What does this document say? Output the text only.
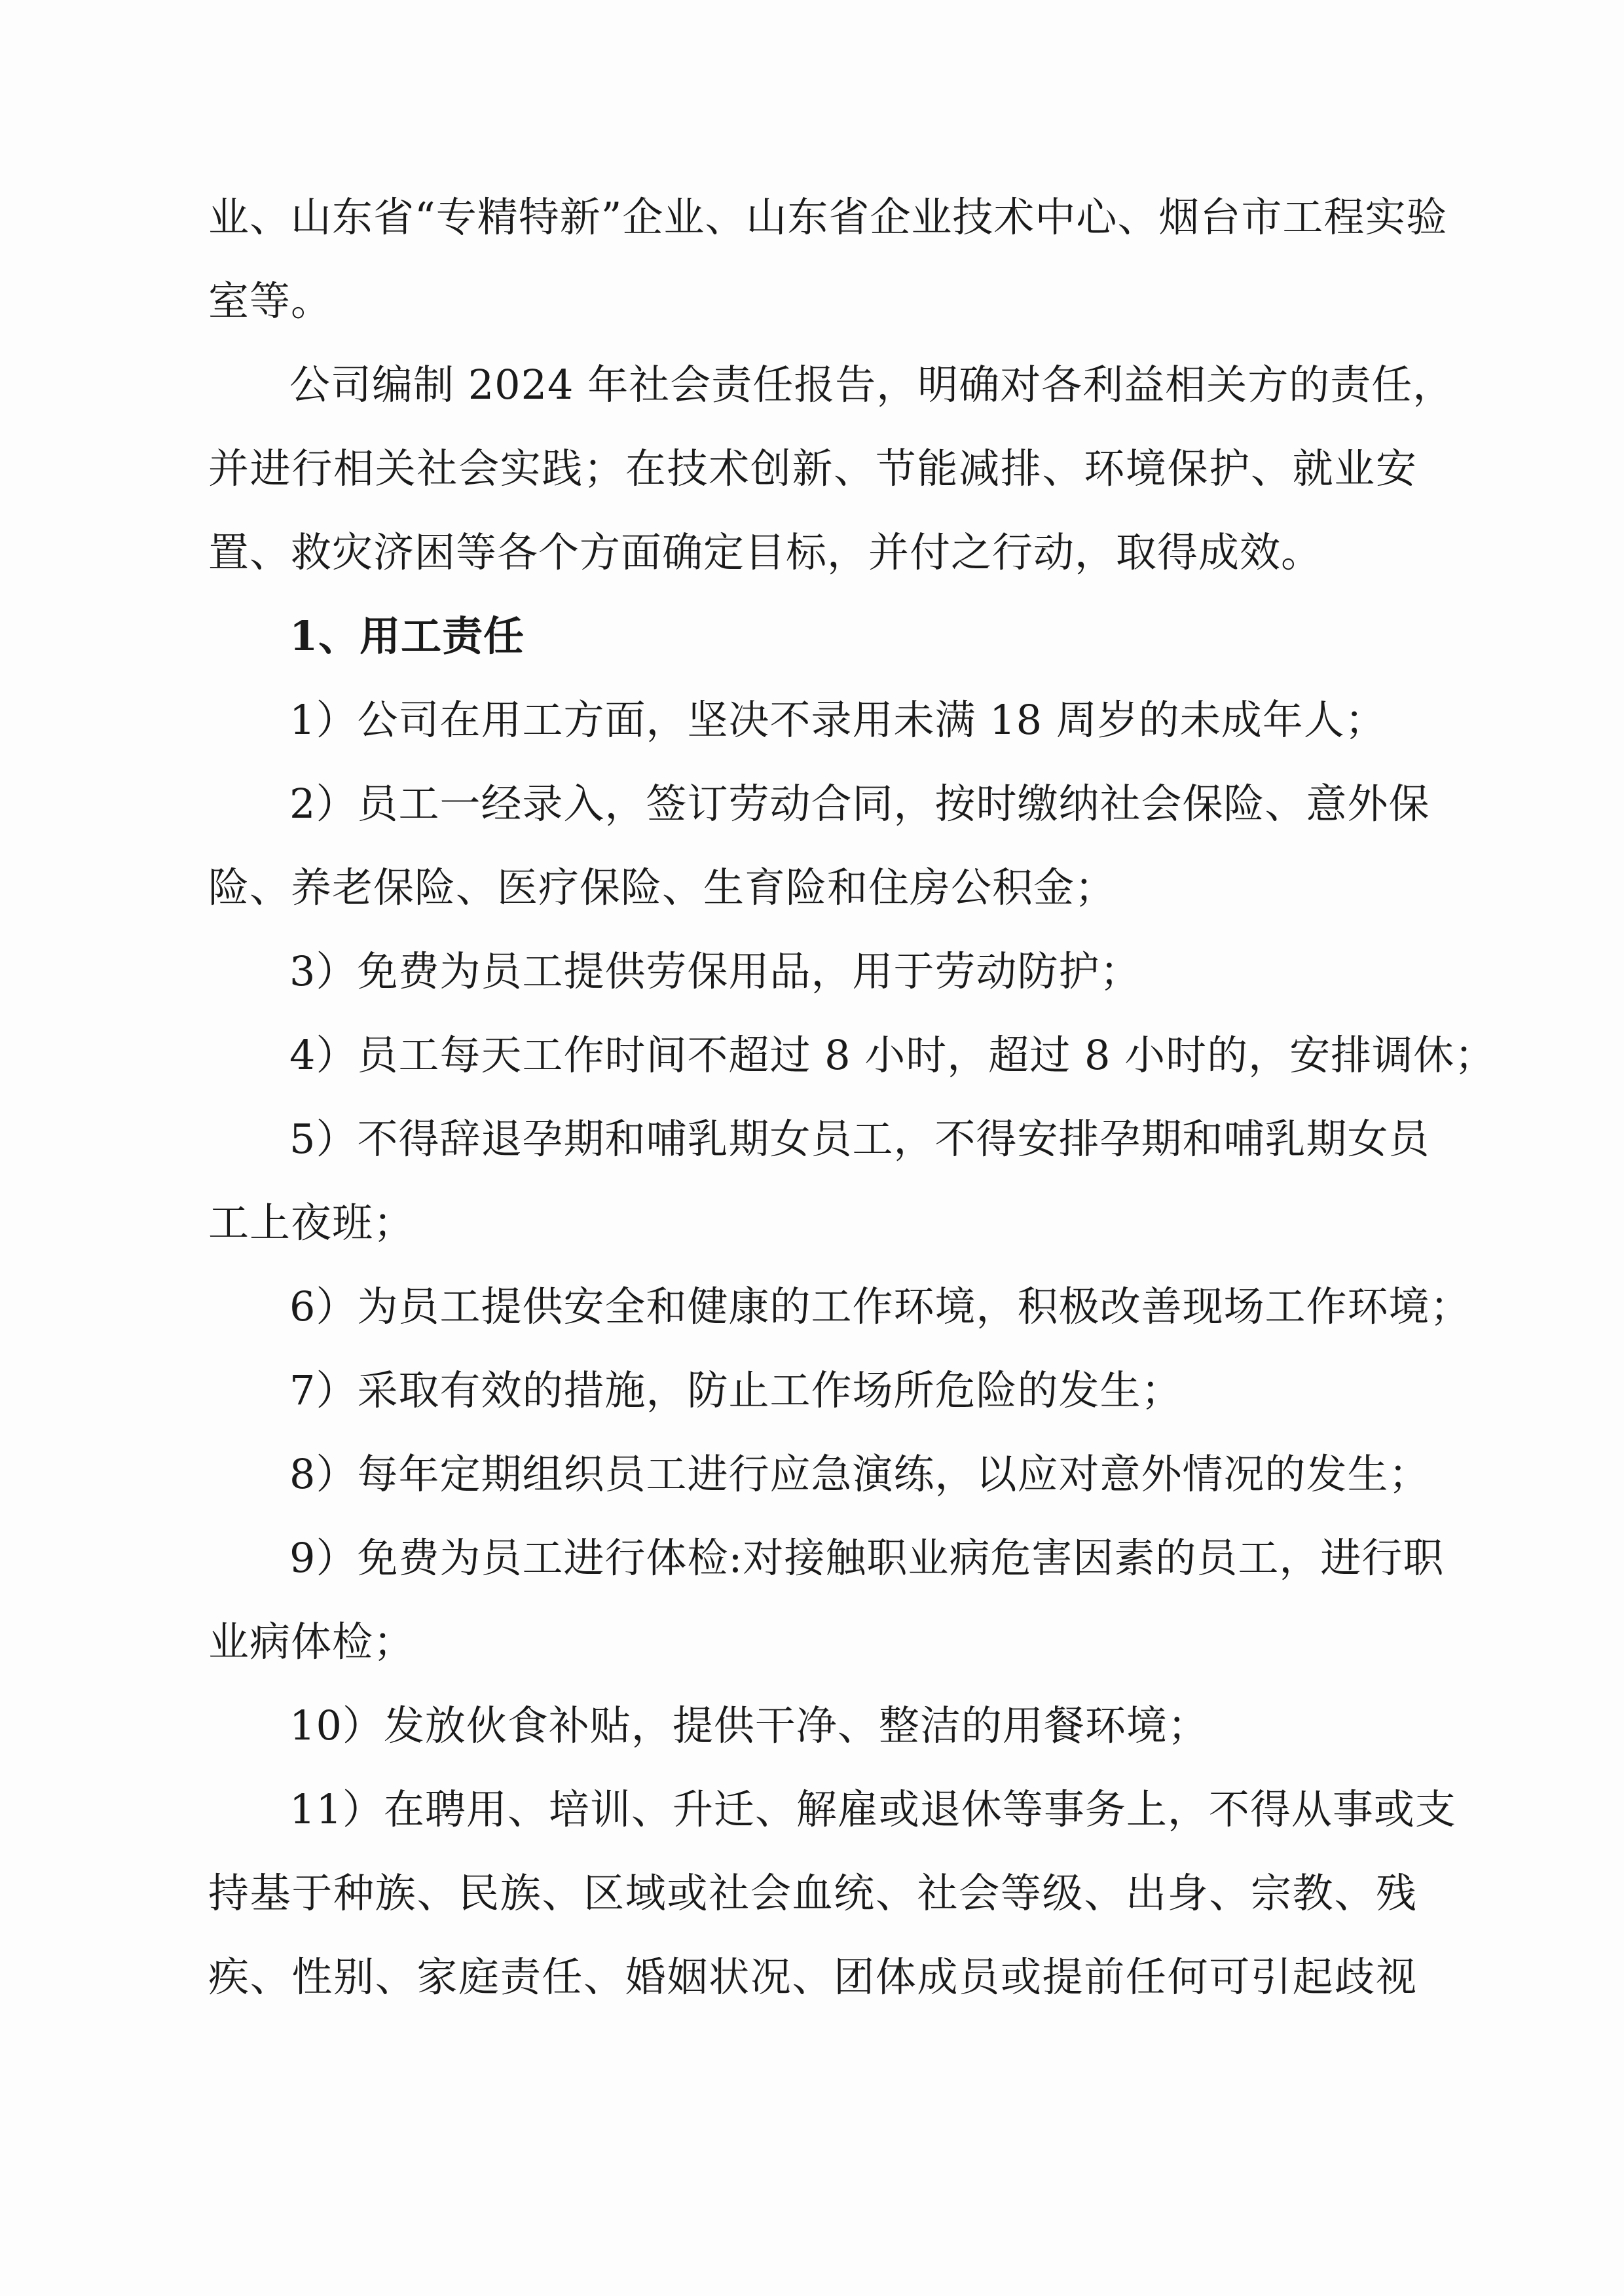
业、山东省“专精特新”企业、山东省企业技术中心、烟台市工程实验
室等。
公司编制 2024 年社会责任报告，明确对各利益相关方的责任，
并进行相关社会实践；在技术创新、节能减排、环境保护、就业安
置、救灾济困等各个方面确定目标，并付之行动，取得成效。
1、用工责任
1）公司在用工方面，坚决不录用未满 18 周岁的未成年人；
2）员工一经录入，签订劳动合同，按时缴纳社会保险、意外保
险、养老保险、医疗保险、生育险和住房公积金；
3）免费为员工提供劳保用品，用于劳动防护；
4）员工每天工作时间不超过 8 小时，超过 8 小时的，安排调休；
5）不得辞退孕期和哺乳期女员工，不得安排孕期和哺乳期女员
工上夜班；
6）为员工提供安全和健康的工作环境，积极改善现场工作环境；
7）采取有效的措施，防止工作场所危险的发生；
8）每年定期组织员工进行应急演练，以应对意外情况的发生；
9）免费为员工进行体检:对接触职业病危害因素的员工，进行职
业病体检；
10）发放伙食补贴，提供干净、整洁的用餐环境；
11）在聘用、培训、升迁、解雇或退休等事务上，不得从事或支
持基于种族、民族、区域或社会血统、社会等级、出身、宗教、残
疾、性别、家庭责任、婚姻状况、团体成员或提前任何可引起歧视
